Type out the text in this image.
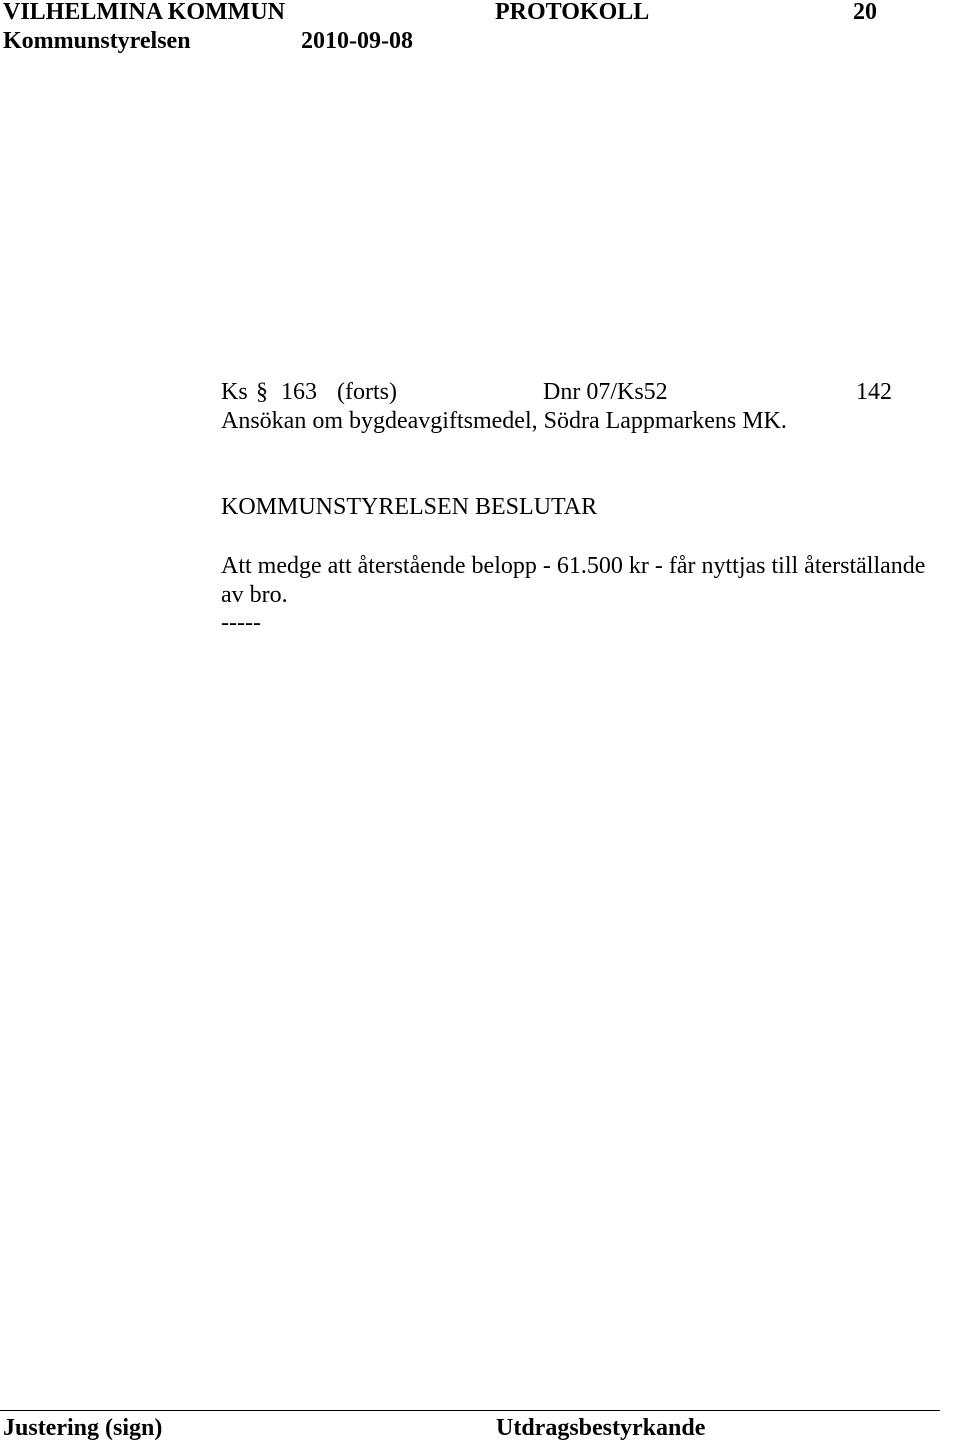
VILHELMINA KOMMUN	PROTOKOLL	20
Kommunstyrelsen	2010-09-08
Ks § 163 (forts)	Dnr 07/Ks52	142
Ansökan om bygdeavgiftsmedel, Södra Lappmarkens MK.
KOMMUNSTYRELSEN BESLUTAR
Att medge att återstående belopp - 61.500 kr - får nyttjas till återställande
av bro.
-----
Justering (sign)	Utdragsbestyrkande
